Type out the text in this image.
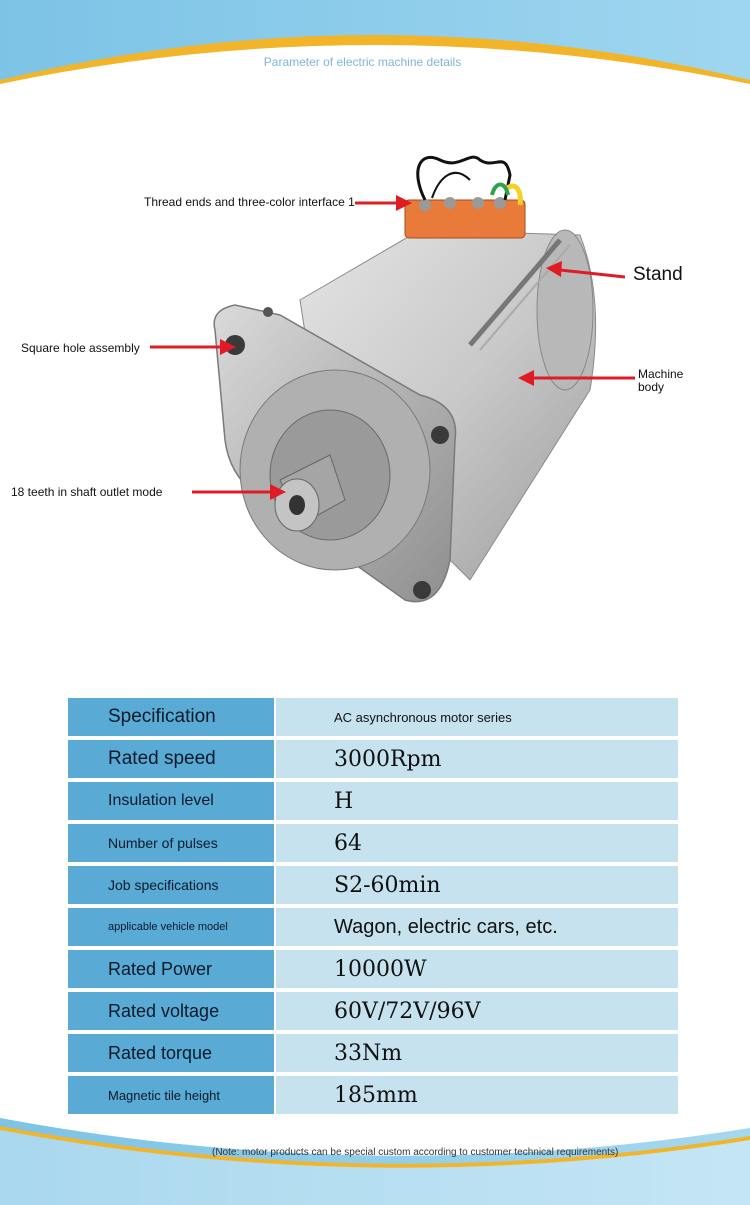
Parameter of electric machine details
Thread ends and three-color interface 1
Stand
Square hole assembly
Machine
body
18 teeth in shaft outlet mode
Specification	AC asynchronous motor series
Rated speed	3000Rpm
Insulation level	H
Number of pulses	64
Job specifications	S2-60min
applicable vehicle model	Wagon, electric cars, etc.
Rated Power	10000W
Rated voltage	60V/72V/96V
Rated torque	33Nm
Magnetic tile height	185mm
(Note: motor products can be special custom according to customer technical requirements)
